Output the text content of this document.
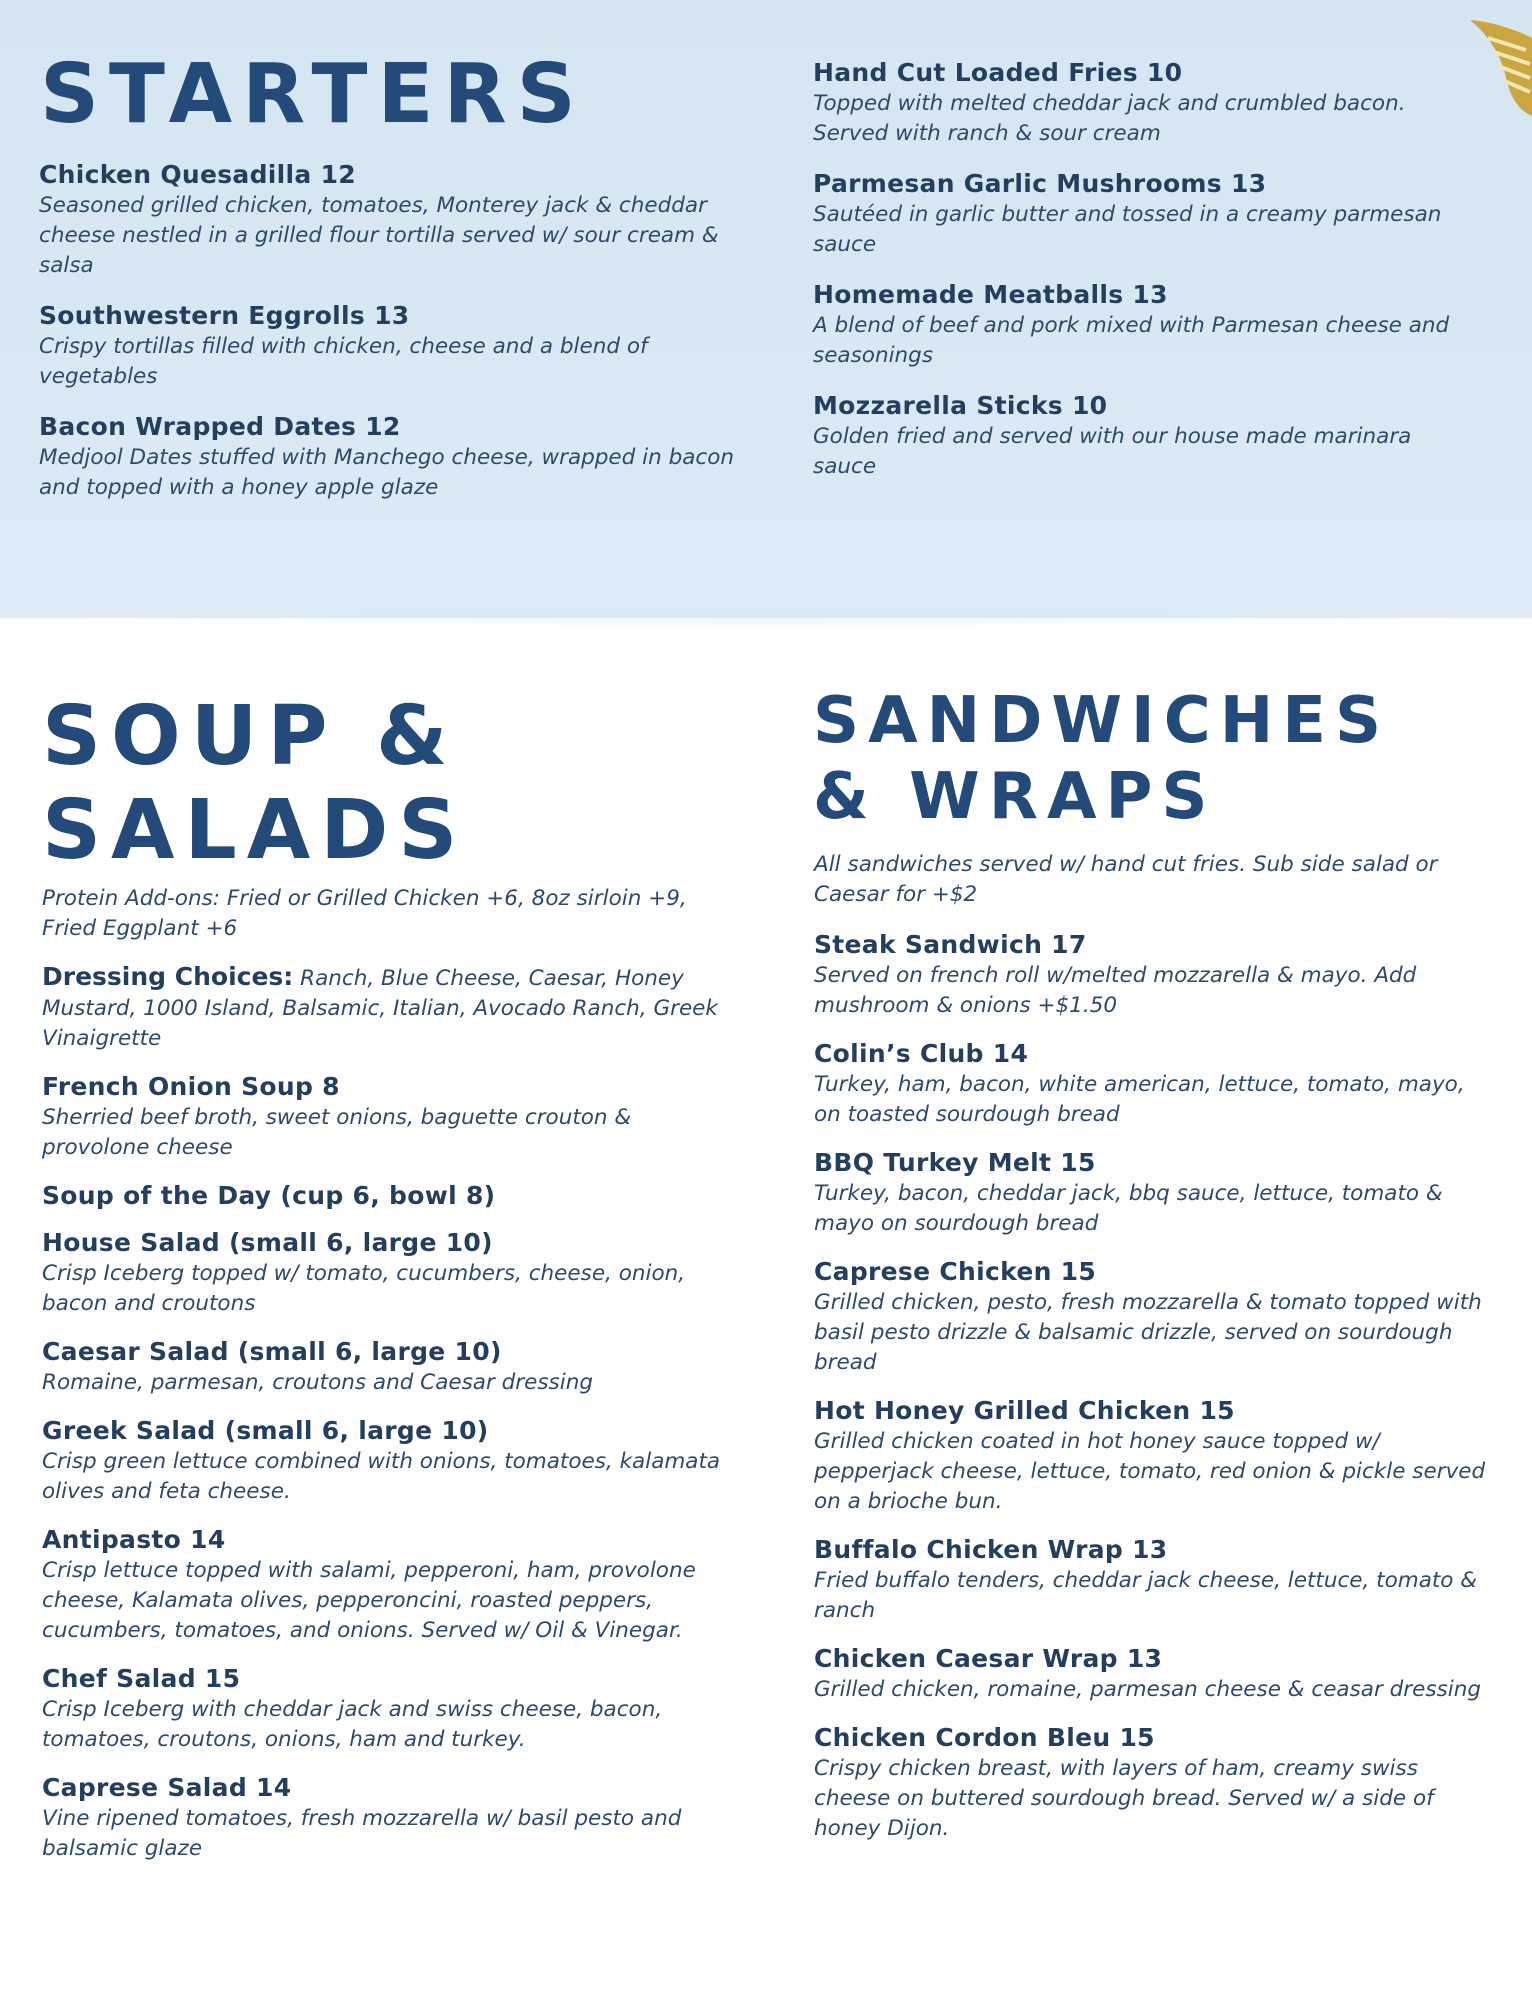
STARTERS
Chicken Quesadilla 12
Seasoned grilled chicken, tomatoes, Monterey jack & cheddar cheese nestled in a grilled flour tortilla served w/ sour cream & salsa
Southwestern Eggrolls 13
Crispy tortillas filled with chicken, cheese and a blend of vegetables
Bacon Wrapped Dates 12
Medjool Dates stuffed with Manchego cheese, wrapped in bacon and topped with a honey apple glaze
Hand Cut Loaded Fries 10
Topped with melted cheddar jack and crumbled bacon. Served with ranch & sour cream
Parmesan Garlic Mushrooms 13
Sautéed in garlic butter and tossed in a creamy parmesan sauce
Homemade Meatballs 13
A blend of beef and pork mixed with Parmesan cheese and seasonings
Mozzarella Sticks 10
Golden fried and served with our house made marinara sauce
SOUP &
SALADS
Protein Add-ons: Fried or Grilled Chicken +6, 8oz sirloin +9, Fried Eggplant +6
Dressing Choices: Ranch, Blue Cheese, Caesar, Honey Mustard, 1000 Island, Balsamic, Italian, Avocado Ranch, Greek Vinaigrette
French Onion Soup 8
Sherried beef broth, sweet onions, baguette crouton & provolone cheese
Soup of the Day (cup 6, bowl 8)
House Salad (small 6, large 10)
Crisp Iceberg topped w/ tomato, cucumbers, cheese, onion, bacon and croutons
Caesar Salad (small 6, large 10)
Romaine, parmesan, croutons and Caesar dressing
Greek Salad (small 6, large 10)
Crisp green lettuce combined with onions, tomatoes, kalamata olives and feta cheese.
Antipasto 14
Crisp lettuce topped with salami, pepperoni, ham, provolone cheese, Kalamata olives, pepperoncini, roasted peppers, cucumbers, tomatoes, and onions. Served w/ Oil & Vinegar.
Chef Salad 15
Crisp Iceberg with cheddar jack and swiss cheese, bacon, tomatoes, croutons, onions, ham and turkey.
Caprese Salad 14
Vine ripened tomatoes, fresh mozzarella w/ basil pesto and balsamic glaze
SANDWICHES
& WRAPS
All sandwiches served w/ hand cut fries. Sub side salad or Caesar for +$2
Steak Sandwich 17
Served on french roll w/melted mozzarella & mayo. Add mushroom & onions +$1.50
Colin’s Club 14
Turkey, ham, bacon, white american, lettuce, tomato, mayo, on toasted sourdough bread
BBQ Turkey Melt 15
Turkey, bacon, cheddar jack, bbq sauce, lettuce, tomato & mayo on sourdough bread
Caprese Chicken 15
Grilled chicken, pesto, fresh mozzarella & tomato topped with basil pesto drizzle & balsamic drizzle, served on sourdough bread
Hot Honey Grilled Chicken 15
Grilled chicken coated in hot honey sauce topped w/ pepperjack cheese, lettuce, tomato, red onion & pickle served on a brioche bun.
Buffalo Chicken Wrap 13
Fried buffalo tenders, cheddar jack cheese, lettuce, tomato & ranch
Chicken Caesar Wrap 13
Grilled chicken, romaine, parmesan cheese & ceasar dressing
Chicken Cordon Bleu 15
Crispy chicken breast, with layers of ham, creamy swiss cheese on buttered sourdough bread. Served w/ a side of honey Dijon.
